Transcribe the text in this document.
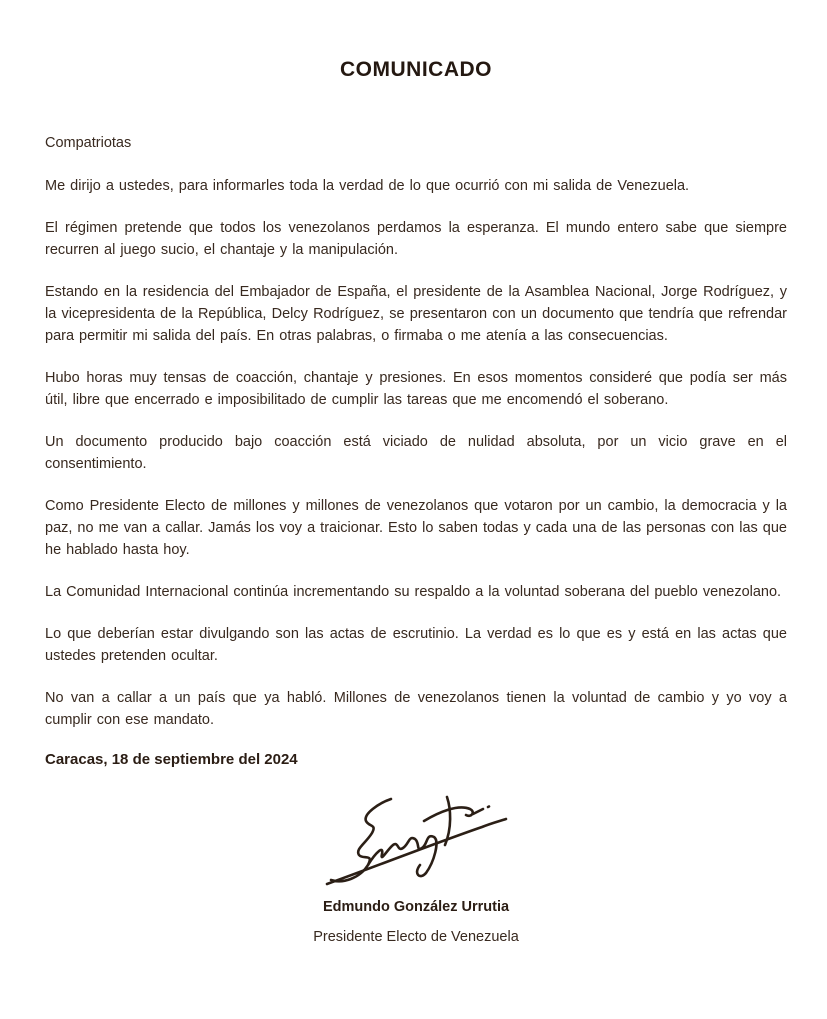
COMUNICADO

Compatriotas

Me dirijo a ustedes, para informarles toda la verdad de lo que ocurrió con mi salida de Venezuela.

El régimen pretende que todos los venezolanos perdamos la esperanza. El mundo entero sabe que siempre recurren al juego sucio, el chantaje y la manipulación.

Estando en la residencia del Embajador de España, el presidente de la Asamblea Nacional, Jorge Rodríguez, y la vicepresidenta de la República, Delcy Rodríguez, se presentaron con un documento que tendría que refrendar para permitir mi salida del país. En otras palabras, o firmaba o me atenía a las consecuencias.

Hubo horas muy tensas de coacción, chantaje y presiones. En esos momentos consideré que podía ser más útil, libre que encerrado e imposibilitado de cumplir las tareas que me encomendó el soberano.

Un documento producido bajo coacción está viciado de nulidad absoluta, por un vicio grave en el consentimiento.

Como Presidente Electo de millones y millones de venezolanos que votaron por un cambio, la democracia y la paz, no me van a callar. Jamás los voy a traicionar. Esto lo saben todas y cada una de las personas con las que he hablado hasta hoy.

La Comunidad Internacional continúa incrementando su respaldo a la voluntad soberana del pueblo venezolano.

Lo que deberían estar divulgando son las actas de escrutinio. La verdad es lo que es y está en las actas que ustedes pretenden ocultar.

No van a callar a un país que ya habló. Millones de venezolanos tienen la voluntad de cambio y yo voy a cumplir con ese mandato.

Caracas, 18 de septiembre del 2024

Edmundo González Urrutia

Presidente Electo de Venezuela
